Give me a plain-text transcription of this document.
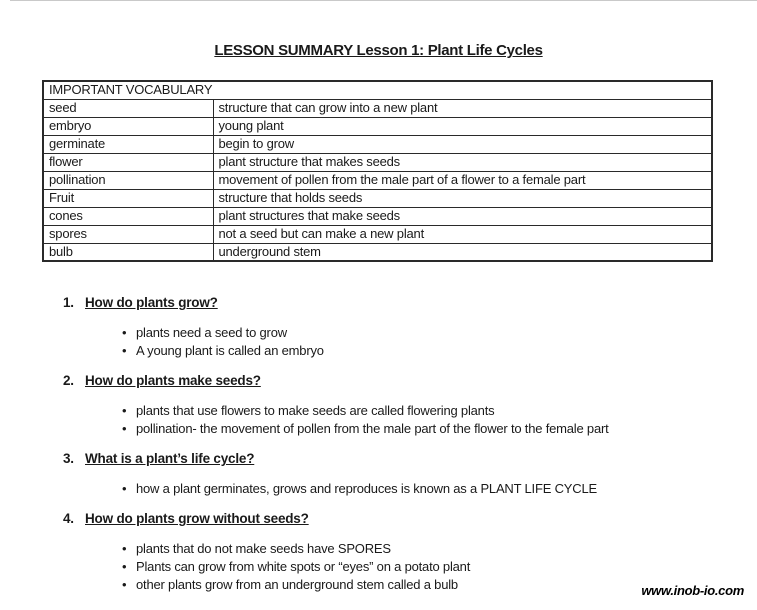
LESSON SUMMARY Lesson 1: Plant Life Cycles
IMPORTANT VOCABULARY	
seed	structure that can grow into a new plant
embryo	young plant
germinate	begin to grow
flower	plant structure that makes seeds
pollination	movement of pollen from the male part of a flower to a female part
Fruit	structure that holds seeds
cones	plant structures that make seeds
spores	not a seed but can make a new plant
bulb	underground stem
1. How do plants grow?
• plants need a seed to grow
• A young plant is called an embryo
2. How do plants make seeds?
• plants that use flowers to make seeds are called flowering plants
• pollination- the movement of pollen from the male part of the flower to the female part
3. What is a plant’s life cycle?
• how a plant germinates, grows and reproduces is known as a PLANT LIFE CYCLE
4. How do plants grow without seeds?
• plants that do not make seeds have SPORES
• Plants can grow from white spots or “eyes” on a potato plant
• other plants grow from an underground stem called a bulb	www.inob-io.com
